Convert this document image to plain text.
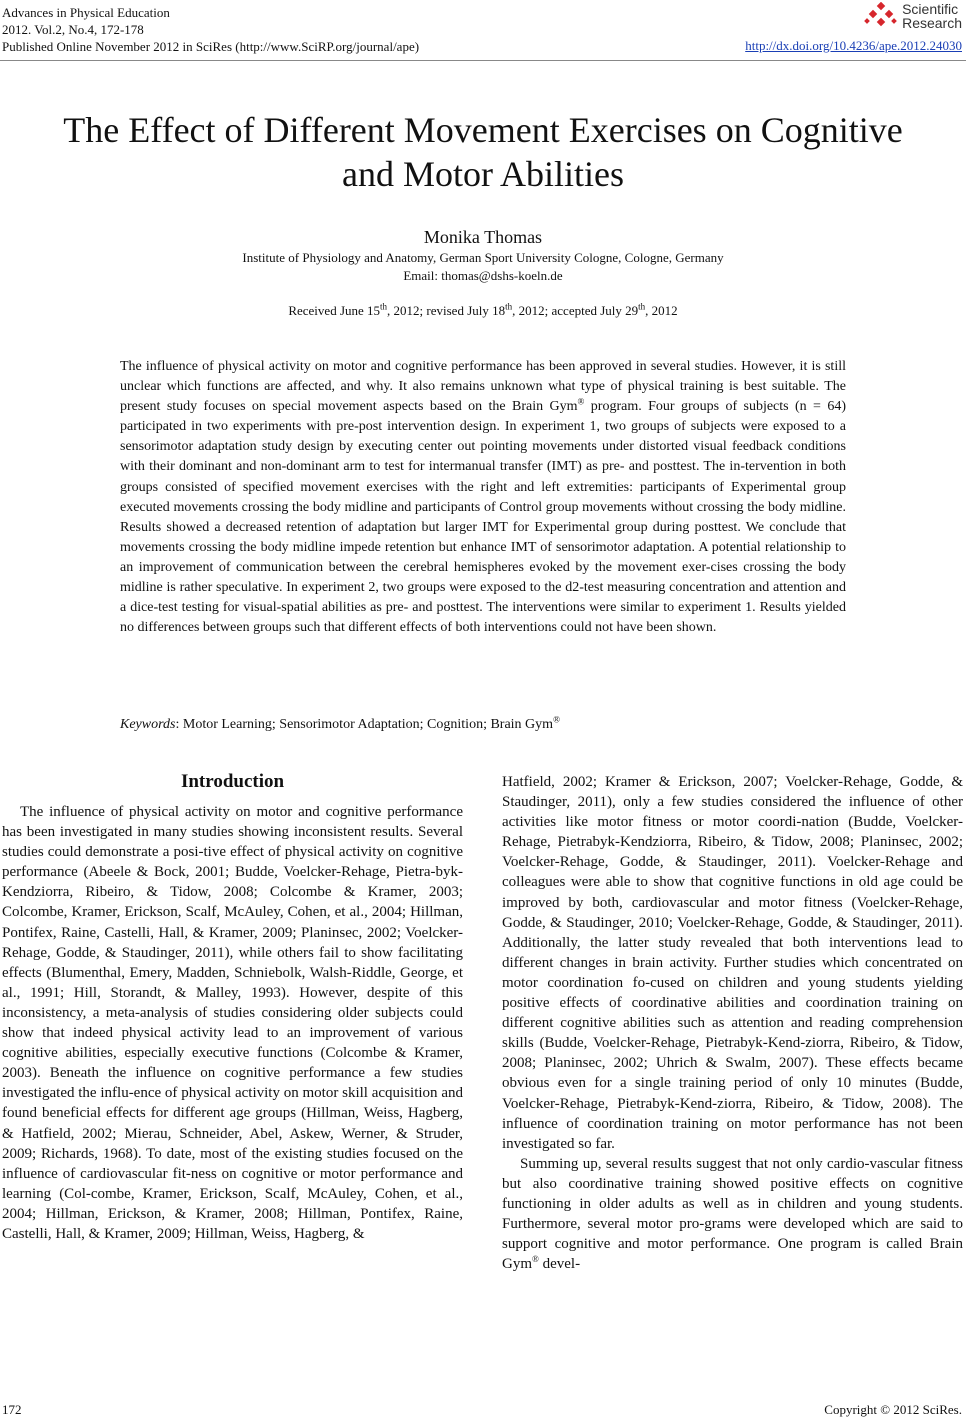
Advances in Physical Education
2012. Vol.2, No.4, 172-178
Published Online November 2012 in SciRes (http://www.SciRP.org/journal/ape)
Scientific
Research
http://dx.doi.org/10.4236/ape.2012.24030
The Effect of Different Movement Exercises on Cognitive
and Motor Abilities
Monika Thomas
Institute of Physiology and Anatomy, German Sport University Cologne, Cologne, Germany
Email: thomas@dshs-koeln.de
Received June 15th, 2012; revised July 18th, 2012; accepted July 29th, 2012
The influence of physical activity on motor and cognitive performance has been approved in several studies. However, it is still unclear which functions are affected, and why. It also remains unknown what type of physical training is best suitable. The present study focuses on special movement aspects based on the Brain Gym® program. Four groups of subjects (n = 64) participated in two experiments with pre-post intervention design. In experiment 1, two groups of subjects were exposed to a sensorimotor adaptation study design by executing center out pointing movements under distorted visual feedback conditions with their dominant and non-dominant arm to test for intermanual transfer (IMT) as pre- and posttest. The in-tervention in both groups consisted of specified movement exercises with the right and left extremities: participants of Experimental group executed movements crossing the body midline and participants of Control group movements without crossing the body midline. Results showed a decreased retention of adaptation but larger IMT for Experimental group during posttest. We conclude that movements crossing the body midline impede retention but enhance IMT of sensorimotor adaptation. A potential relationship to an improvement of communication between the cerebral hemispheres evoked by the movement exer-cises crossing the body midline is rather speculative. In experiment 2, two groups were exposed to the d2-test measuring concentration and attention and a dice-test testing for visual-spatial abilities as pre- and posttest. The interventions were similar to experiment 1. Results yielded no differences between groups such that different effects of both interventions could not have been shown.
Keywords: Motor Learning; Sensorimotor Adaptation; Cognition; Brain Gym®
Introduction

The influence of physical activity on motor and cognitive performance has been investigated in many studies showing inconsistent results. Several studies could demonstrate a posi-tive effect of physical activity on cognitive performance (Abeele & Bock, 2001; Budde, Voelcker-Rehage, Pietra-byk-Kendziorra, Ribeiro, & Tidow, 2008; Colcombe & Kramer, 2003; Colcombe, Kramer, Erickson, Scalf, McAuley, Cohen, et al., 2004; Hillman, Pontifex, Raine, Castelli, Hall, & Kramer, 2009; Planinsec, 2002; Voelcker-Rehage, Godde, & Staudinger, 2011), while others fail to show facilitating effects (Blumenthal, Emery, Madden, Schniebolk, Walsh-Riddle, George, et al., 1991; Hill, Storandt, & Malley, 1993). However, despite of this inconsistency, a meta-analysis of studies considering older subjects could show that indeed physical activity lead to an improvement of various cognitive abilities, especially executive functions (Colcombe & Kramer, 2003). Beneath the influence on cognitive performance a few studies investigated the influ-ence of physical activity on motor skill acquisition and found beneficial effects for different age groups (Hillman, Weiss, Hagberg, & Hatfield, 2002; Mierau, Schneider, Abel, Askew, Werner, & Struder, 2009; Richards, 1968). To date, most of the existing studies focused on the influence of cardiovascular fit-ness on cognitive or motor performance and learning (Col-combe, Kramer, Erickson, Scalf, McAuley, Cohen, et al., 2004; Hillman, Erickson, & Kramer, 2008; Hillman, Pontifex, Raine, Castelli, Hall, & Kramer, 2009; Hillman, Weiss, Hagberg, &

Hatfield, 2002; Kramer & Erickson, 2007; Voelcker-Rehage, Godde, & Staudinger, 2011), only a few studies considered the influence of other activities like motor fitness or motor coordi-nation (Budde, Voelcker-Rehage, Pietrabyk-Kendziorra, Ribeiro, & Tidow, 2008; Planinsec, 2002; Voelcker-Rehage, Godde, & Staudinger, 2011). Voelcker-Rehage and colleagues were able to show that cognitive functions in old age could be improved by both, cardiovascular and motor fitness (Voelcker-Rehage, Godde, & Staudinger, 2010; Voelcker-Rehage, Godde, & Staudinger, 2011). Additionally, the latter study revealed that both interventions lead to different changes in brain activity. Further studies which concentrated on motor coordination fo-cused on children and young students yielding positive effects of coordinative abilities and coordination training on different cognitive abilities such as attention and reading comprehension skills (Budde, Voelcker-Rehage, Pietrabyk-Kend-ziorra, Ribeiro, & Tidow, 2008; Planinsec, 2002; Uhrich & Swalm, 2007). These effects became obvious even for a single training period of only 10 minutes (Budde, Voelcker-Rehage, Pietrabyk-Kend-ziorra, Ribeiro, & Tidow, 2008). The influence of coordination training on motor performance has not been investigated so far.

Summing up, several results suggest that not only cardio-vascular fitness but also coordinative training showed positive effects on cognitive functioning in older adults as well as in children and young students. Furthermore, several motor pro-grams were developed which are said to support cognitive and motor performance. One program is called Brain Gym® devel-

172	Copyright © 2012 SciRes.
